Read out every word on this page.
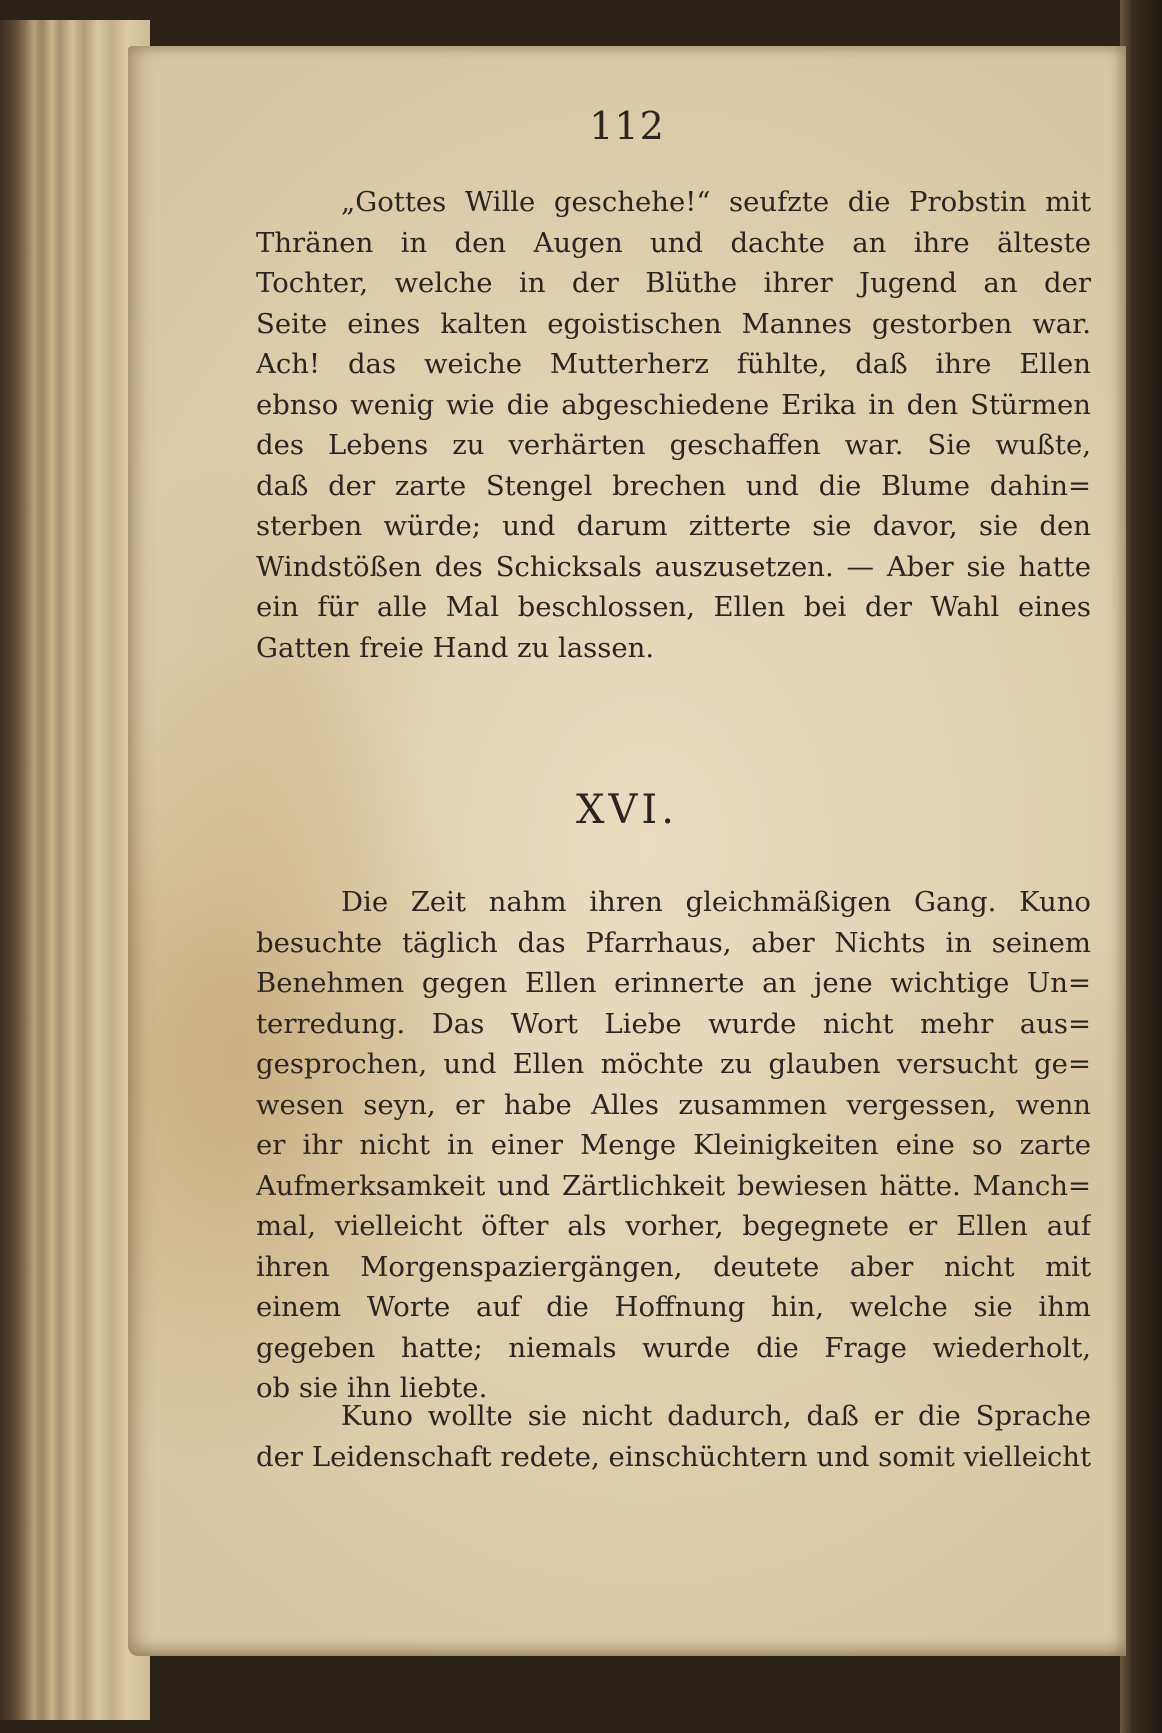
112
„Gottes Wille geschehe!“ seufzte die Probstin mit
Thränen in den Augen und dachte an ihre älteste
Tochter, welche in der Blüthe ihrer Jugend an der
Seite eines kalten egoistischen Mannes gestorben war.
Ach! das weiche Mutterherz fühlte, daß ihre Ellen
ebnso wenig wie die abgeschiedene Erika in den Stürmen
des Lebens zu verhärten geschaffen war. Sie wußte,
daß der zarte Stengel brechen und die Blume dahin=
sterben würde; und darum zitterte sie davor, sie den
Windstößen des Schicksals auszusetzen. — Aber sie hatte
ein für alle Mal beschlossen, Ellen bei der Wahl eines
Gatten freie Hand zu lassen.
XVI.
Die Zeit nahm ihren gleichmäßigen Gang. Kuno
besuchte täglich das Pfarrhaus, aber Nichts in seinem
Benehmen gegen Ellen erinnerte an jene wichtige Un=
terredung. Das Wort Liebe wurde nicht mehr aus=
gesprochen, und Ellen möchte zu glauben versucht ge=
wesen seyn, er habe Alles zusammen vergessen, wenn
er ihr nicht in einer Menge Kleinigkeiten eine so zarte
Aufmerksamkeit und Zärtlichkeit bewiesen hätte. Manch=
mal, vielleicht öfter als vorher, begegnete er Ellen auf
ihren Morgenspaziergängen, deutete aber nicht mit
einem Worte auf die Hoffnung hin, welche sie ihm
gegeben hatte; niemals wurde die Frage wiederholt,
ob sie ihn liebte.
Kuno wollte sie nicht dadurch, daß er die Sprache
der Leidenschaft redete, einschüchtern und somit vielleicht
